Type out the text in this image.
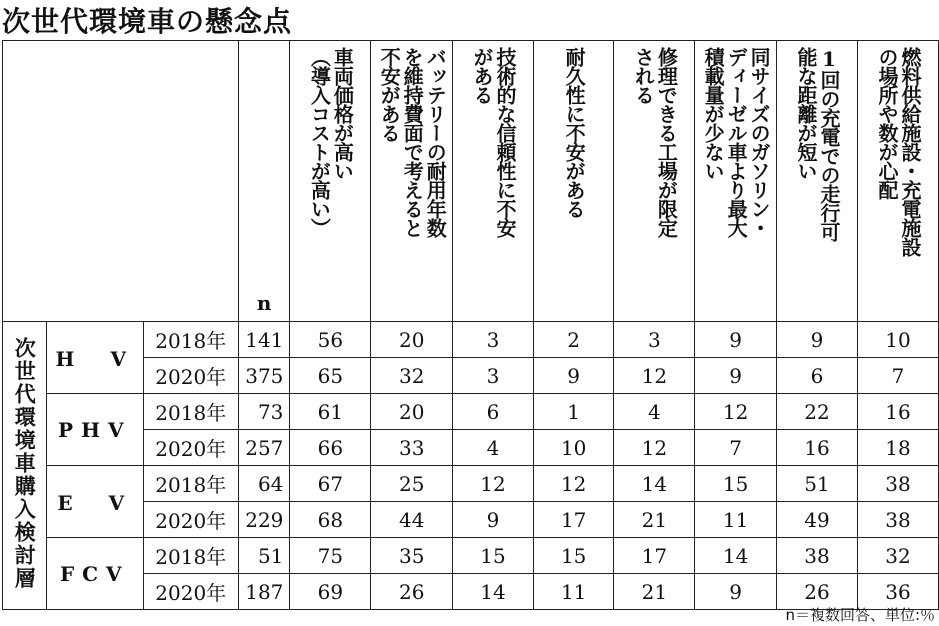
次世代環境車の懸念点
			n	車両価格が高い
（導入コストが高い）	バッテリーの耐用年数
を維持費面で考えると
不安がある	技術的な信頼性に不安
がある	耐久性に不安がある	修理できる工場が限定
される	同サイズのガソリン・
ディーゼル車より最大
積載量が少ない	1回の充電での走行可
能な距離が短い	燃料供給施設・充電施設
の場所や数が心配
次世代環境車購入検討層	H　V	2018年	141	56	20	3	2	3	9	9	10
		2020年	375	65	32	3	9	12	9	6	7
	PHV	2018年	73	61	20	6	1	4	12	22	16
		2020年	257	66	33	4	10	12	7	16	18
	E　V	2018年	64	67	25	12	12	14	15	51	38
		2020年	229	68	44	9	17	21	11	49	38
	FCV	2018年	51	75	35	15	15	17	14	38	32
		2020年	187	69	26	14	11	21	9	26	36
n＝複数回答、単位:％
